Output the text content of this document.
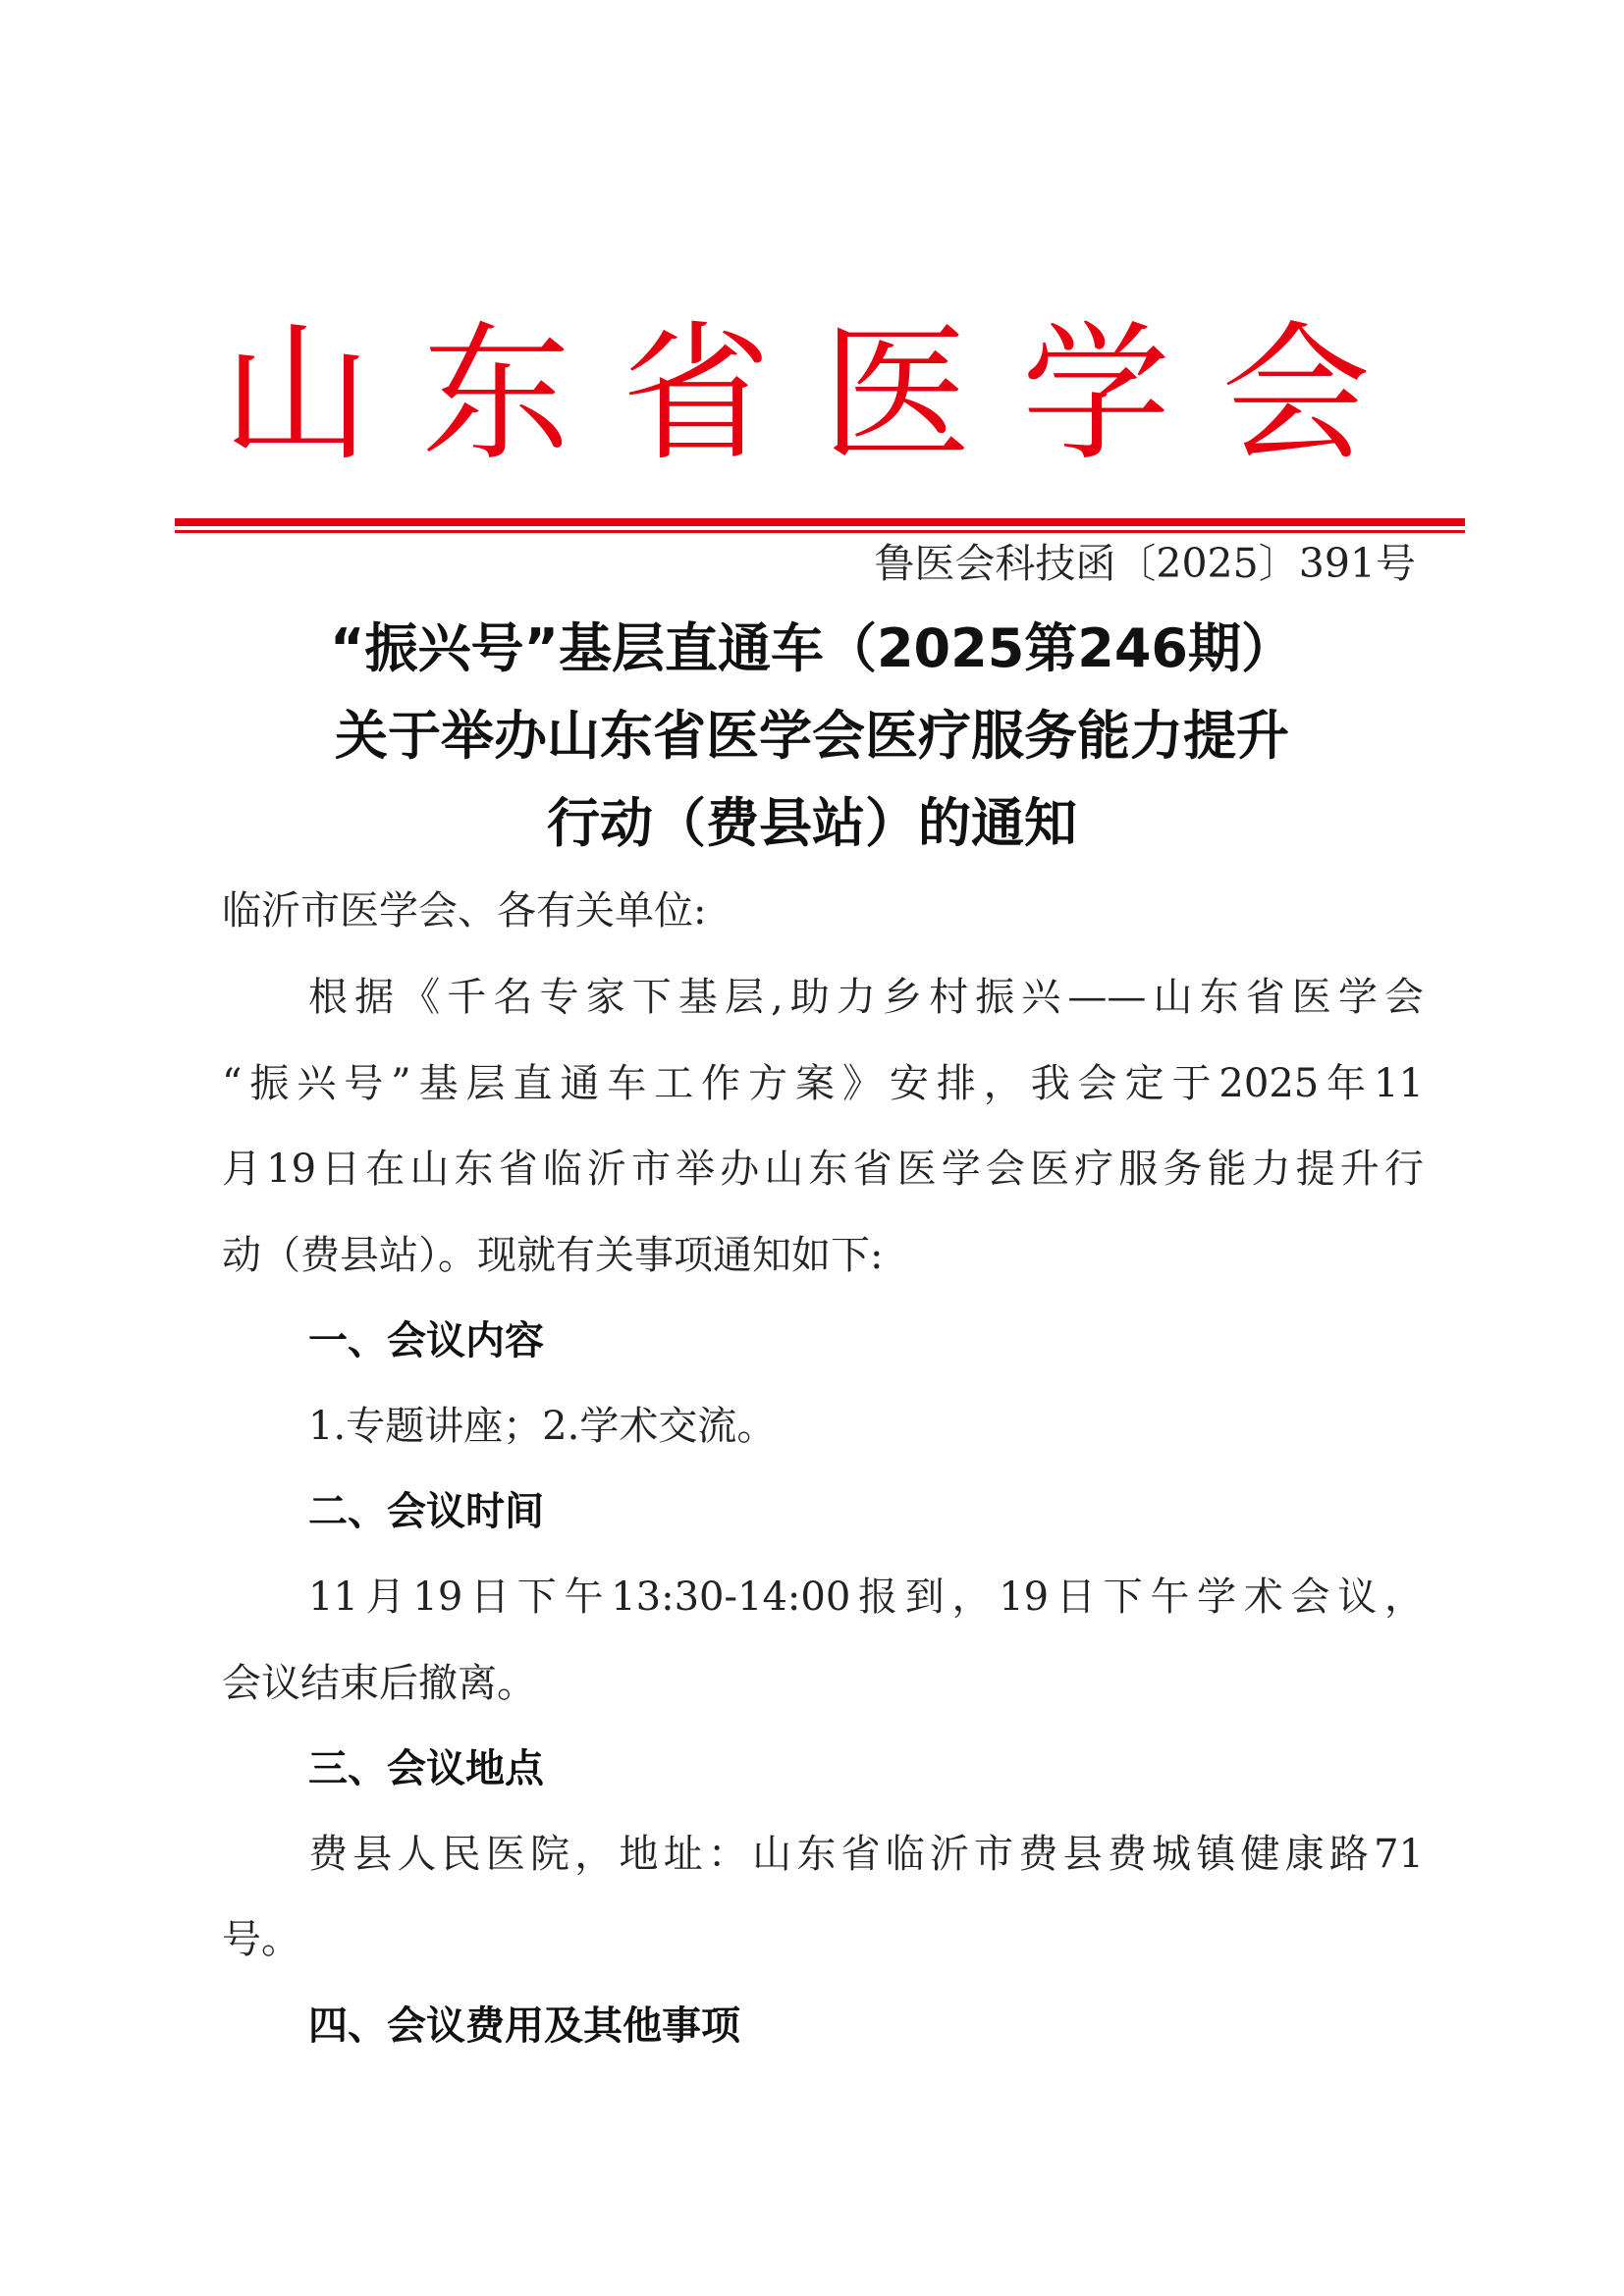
山 东 省 医 学 会
鲁医会科技函〔2025〕391号
“振兴号”基层直通车（2025第246期）
关于举办山东省医学会医疗服务能力提升
行动（费县站）的通知
临沂市医学会、各有关单位:
根据《千名专家下基层,助力乡村振兴——山东省医学会
“振兴号”基层直通车工作方案》安排，我会定于2025年11
月19日在山东省临沂市举办山东省医学会医疗服务能力提升行
动（费县站）。现就有关事项通知如下:
一、会议内容
1.专题讲座；2.学术交流。
二、会议时间
11月19日下午13:30-14:00报到，19日下午学术会议，
会议结束后撤离。
三、会议地点
费县人民医院，地址：山东省临沂市费县费城镇健康路71
号。
四、会议费用及其他事项
